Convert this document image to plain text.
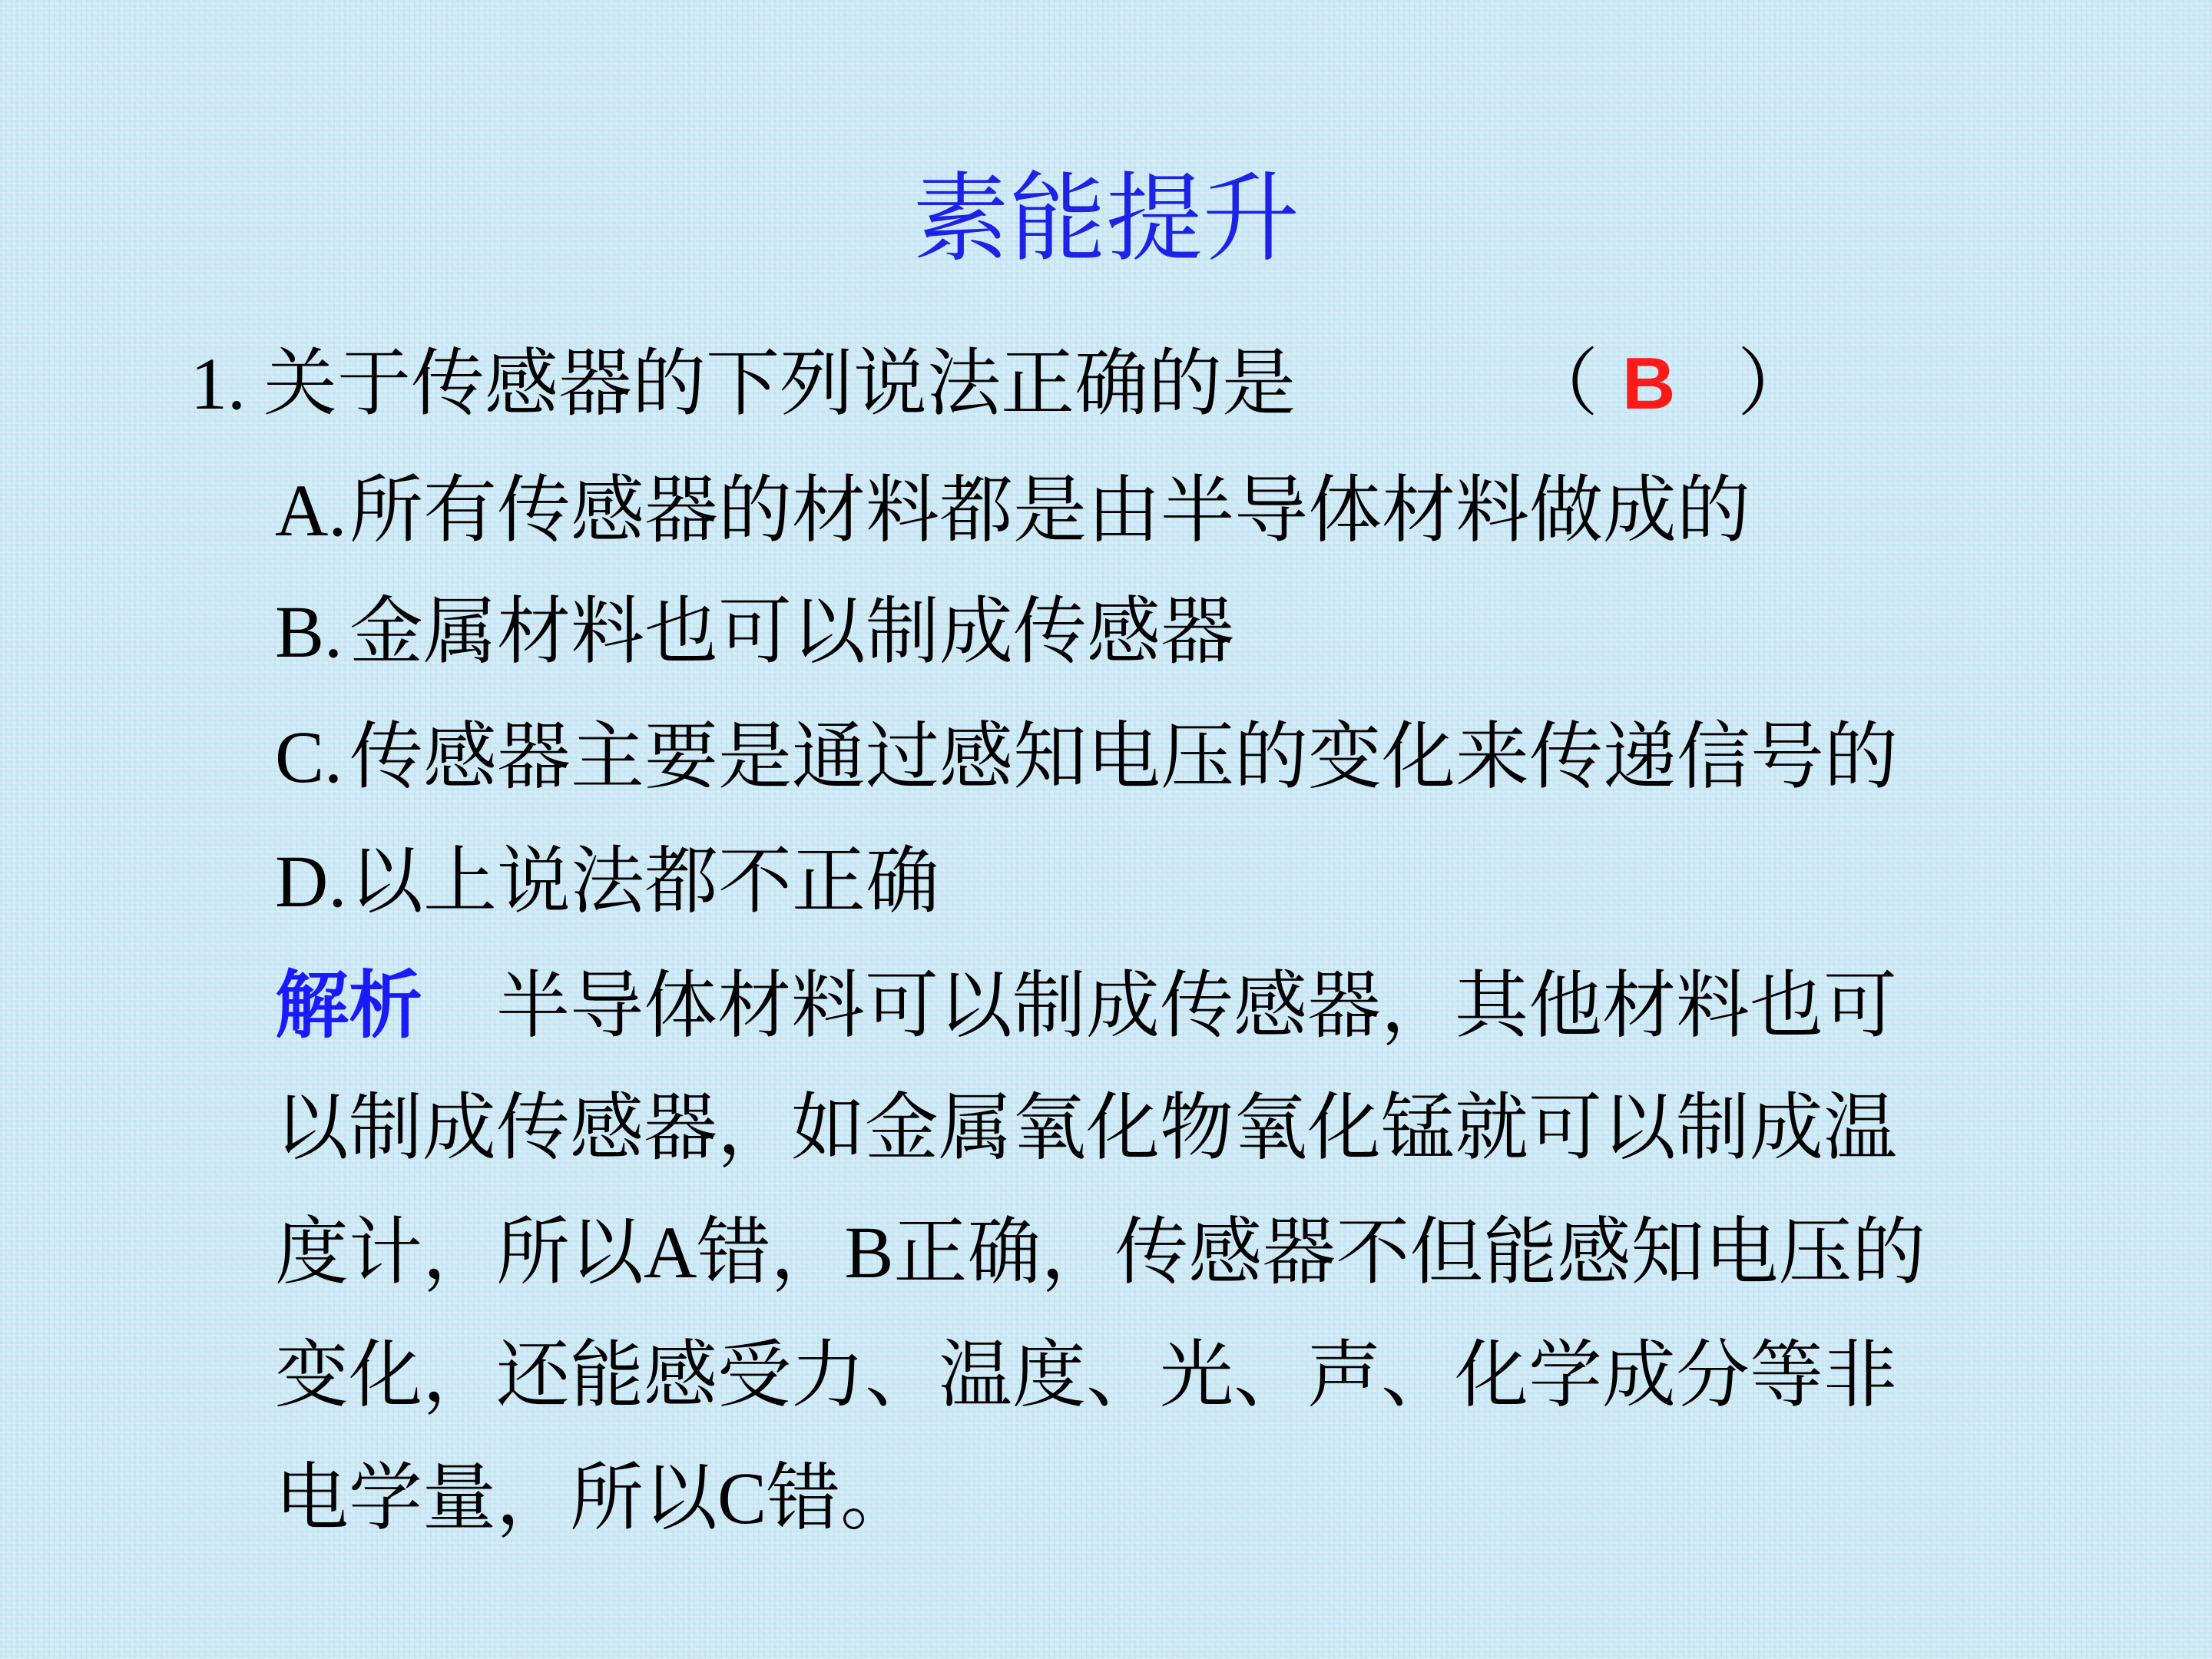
素能提升
1. 关于传感器的下列说法正确的是	（ B ）
A.所有传感器的材料都是由半导体材料做成的
B.金属材料也可以制成传感器
C.传感器主要是通过感知电压的变化来传递信号的
D.以上说法都不正确
解析 半导体材料可以制成传感器，其他材料也可
以制成传感器，如金属氧化物氧化锰就可以制成温
度计，所以A错，B正确，传感器不但能感知电压的
变化，还能感受力、温度、光、声、化学成分等非
电学量，所以C错。
